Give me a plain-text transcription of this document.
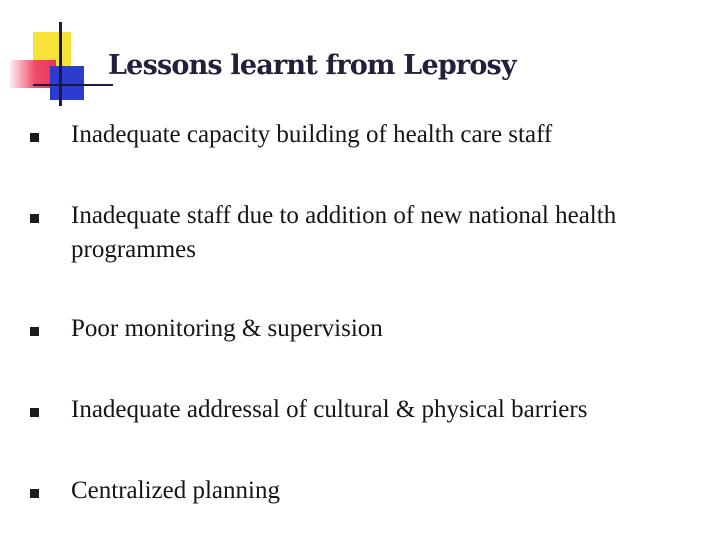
Lessons learnt from Leprosy
Inadequate capacity building of health care staff
Inadequate staff due to addition of new national health programmes
Poor monitoring & supervision
Inadequate addressal of cultural & physical barriers
Centralized planning
